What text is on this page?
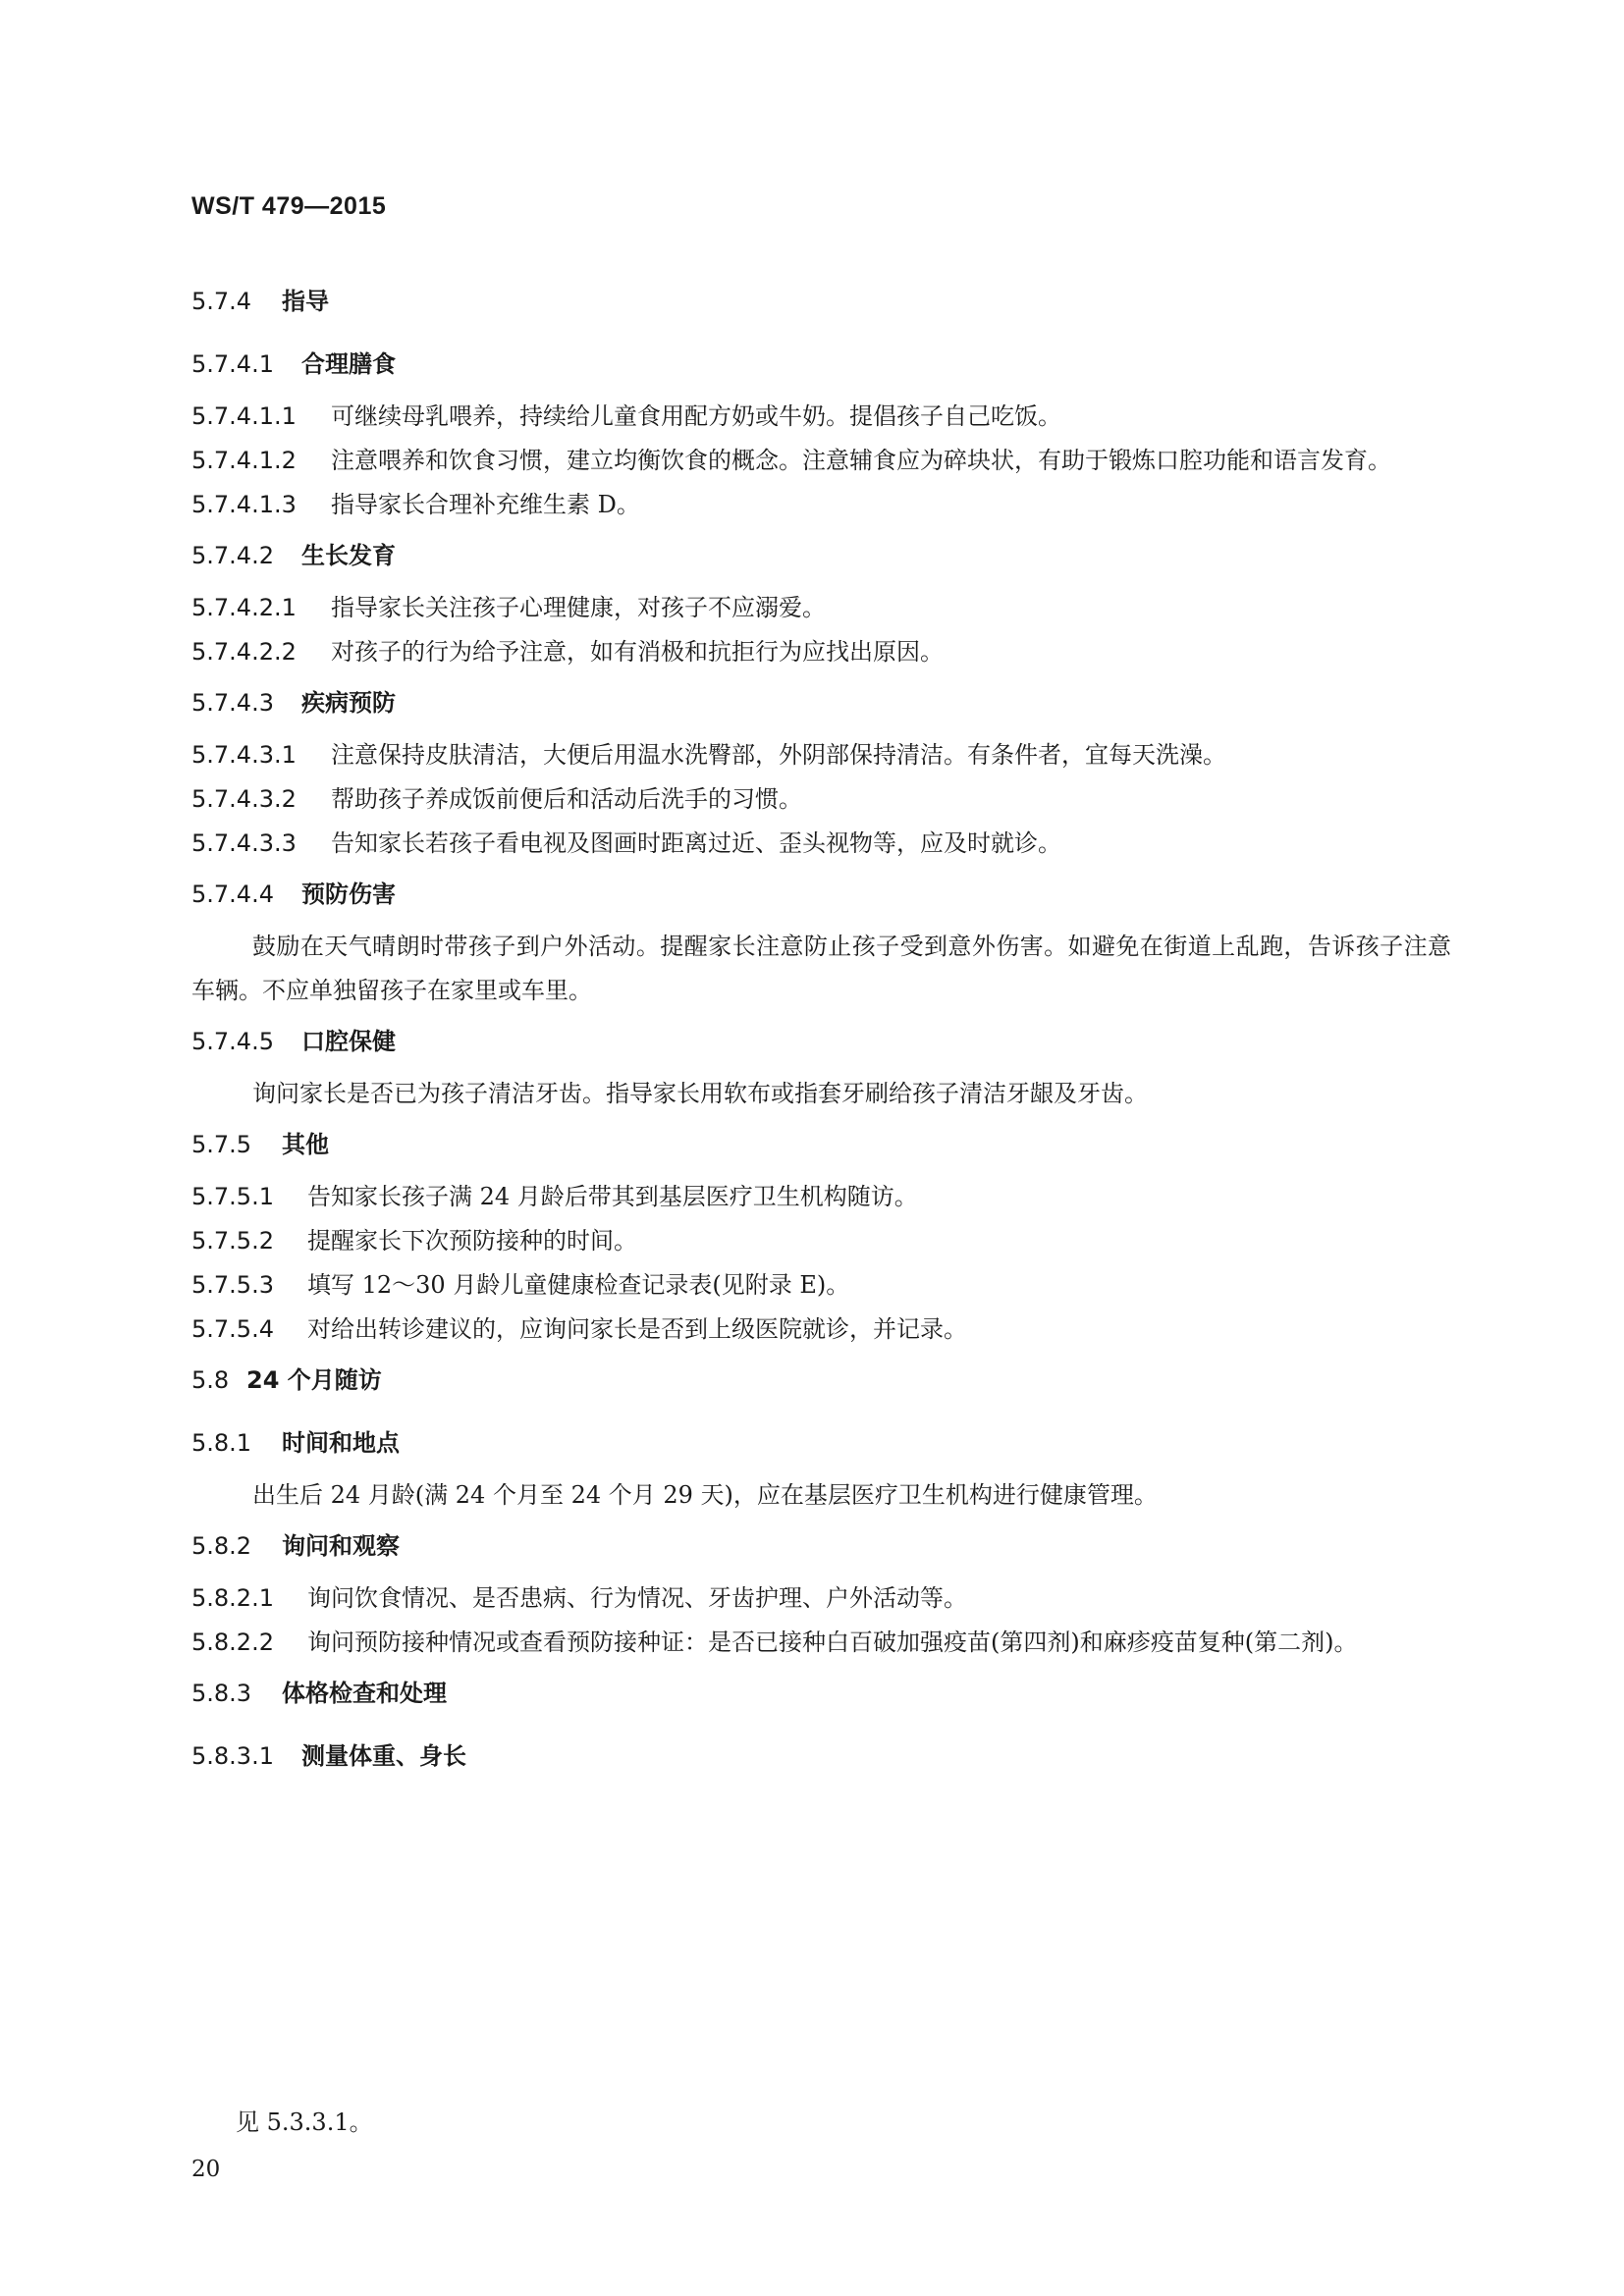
WS/T 479—2015
5.7.4 指导
5.7.4.1 合理膳食

5.7.4.1.1 可继续母乳喂养，持续给儿童食用配方奶或牛奶。提倡孩子自己吃饭。

5.7.4.1.2 注意喂养和饮食习惯，建立均衡饮食的概念。注意辅食应为碎块状，有助于锻炼口腔功能和语言发育。

5.7.4.1.3 指导家长合理补充维生素 D。

5.7.4.2 生长发育

5.7.4.2.1 指导家长关注孩子心理健康，对孩子不应溺爱。

5.7.4.2.2 对孩子的行为给予注意，如有消极和抗拒行为应找出原因。

5.7.4.3 疾病预防

5.7.4.3.1 注意保持皮肤清洁，大便后用温水洗臀部，外阴部保持清洁。有条件者，宜每天洗澡。

5.7.4.3.2 帮助孩子养成饭前便后和活动后洗手的习惯。

5.7.4.3.3 告知家长若孩子看电视及图画时距离过近、歪头视物等，应及时就诊。

5.7.4.4 预防伤害

鼓励在天气晴朗时带孩子到户外活动。提醒家长注意防止孩子受到意外伤害。如避免在街道上乱跑，告诉孩子注意车辆。不应单独留孩子在家里或车里。

5.7.4.5 口腔保健

询问家长是否已为孩子清洁牙齿。指导家长用软布或指套牙刷给孩子清洁牙龈及牙齿。

5.7.5 其他

5.7.5.1 告知家长孩子满 24 月龄后带其到基层医疗卫生机构随访。

5.7.5.2 提醒家长下次预防接种的时间。

5.7.5.3 填写 12～30 月龄儿童健康检查记录表(见附录 E)。

5.7.5.4 对给出转诊建议的，应询问家长是否到上级医院就诊，并记录。

5.8 24 个月随访
5.8.1 时间和地点

出生后 24 月龄(满 24 个月至 24 个月 29 天)，应在基层医疗卫生机构进行健康管理。

5.8.2 询问和观察

5.8.2.1 询问饮食情况、是否患病、行为情况、牙齿护理、户外活动等。

5.8.2.2 询问预防接种情况或查看预防接种证：是否已接种白百破加强疫苗(第四剂)和麻疹疫苗复种(第二剂)。

5.8.3 体格检查和处理
5.8.3.1 测量体重、身长
见 5.3.3.1。
20
